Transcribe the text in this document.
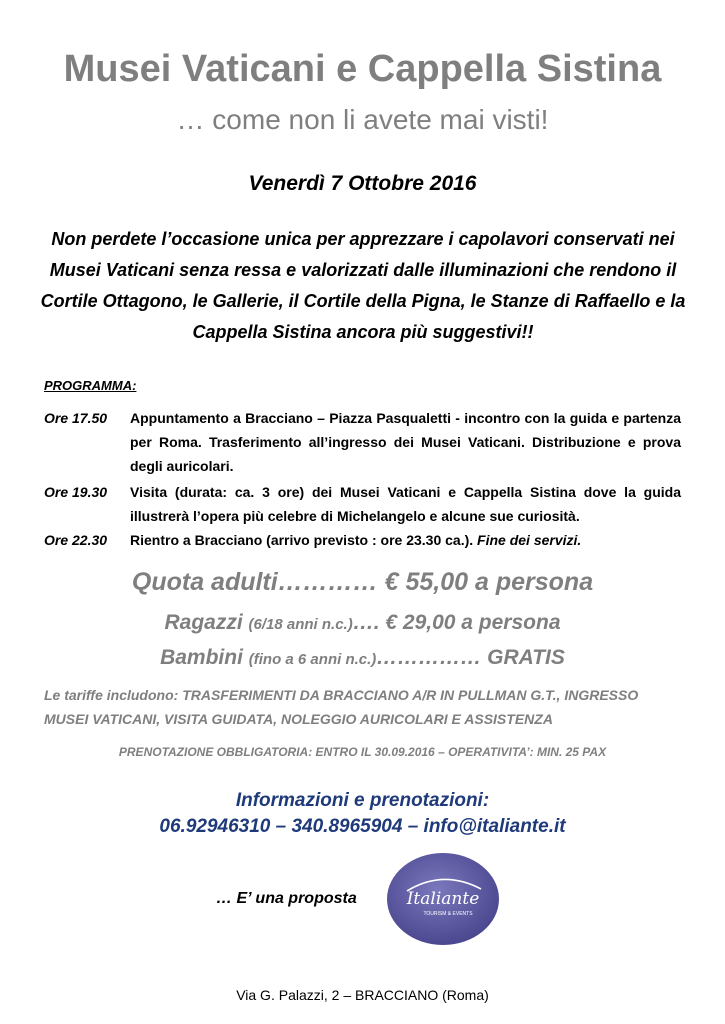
Musei Vaticani e Cappella Sistina
… come non li avete mai visti!
Venerdì 7 Ottobre 2016
Non perdete l’occasione unica per apprezzare i capolavori conservati nei Musei Vaticani senza ressa e valorizzati dalle illuminazioni che rendono il Cortile Ottagono, le Gallerie, il Cortile della Pigna, le Stanze di Raffaello e la Cappella Sistina ancora più suggestivi!!
PROGRAMMA:
Ore 17.50 Appuntamento a Bracciano – Piazza Pasqualetti - incontro con la guida e partenza per Roma. Trasferimento all’ingresso dei Musei Vaticani. Distribuzione e prova degli auricolari.
Ore 19.30 Visita (durata: ca. 3 ore) dei Musei Vaticani e Cappella Sistina dove la guida illustrerà l’opera più celebre di Michelangelo e alcune sue curiosità.
Ore 22.30 Rientro a Bracciano (arrivo previsto : ore 23.30 ca.). Fine dei servizi.
Quota adulti………… € 55,00 a persona
Ragazzi (6/18 anni n.c.)…. € 29,00 a persona
Bambini (fino a 6 anni n.c.)…………… GRATIS
Le tariffe includono: TRASFERIMENTI DA BRACCIANO A/R IN PULLMAN G.T., INGRESSO MUSEI VATICANI, VISITA GUIDATA, NOLEGGIO AURICOLARI E ASSISTENZA
PRENOTAZIONE OBBLIGATORIA: ENTRO IL 30.09.2016 – OPERATIVITA’: MIN. 25 PAX
Informazioni e prenotazioni:
06.92946310 – 340.8965904 – info@italiante.it
… E’ una proposta	Italiante
TOURISM & EVENTS
Via G. Palazzi, 2 – BRACCIANO (Roma)
